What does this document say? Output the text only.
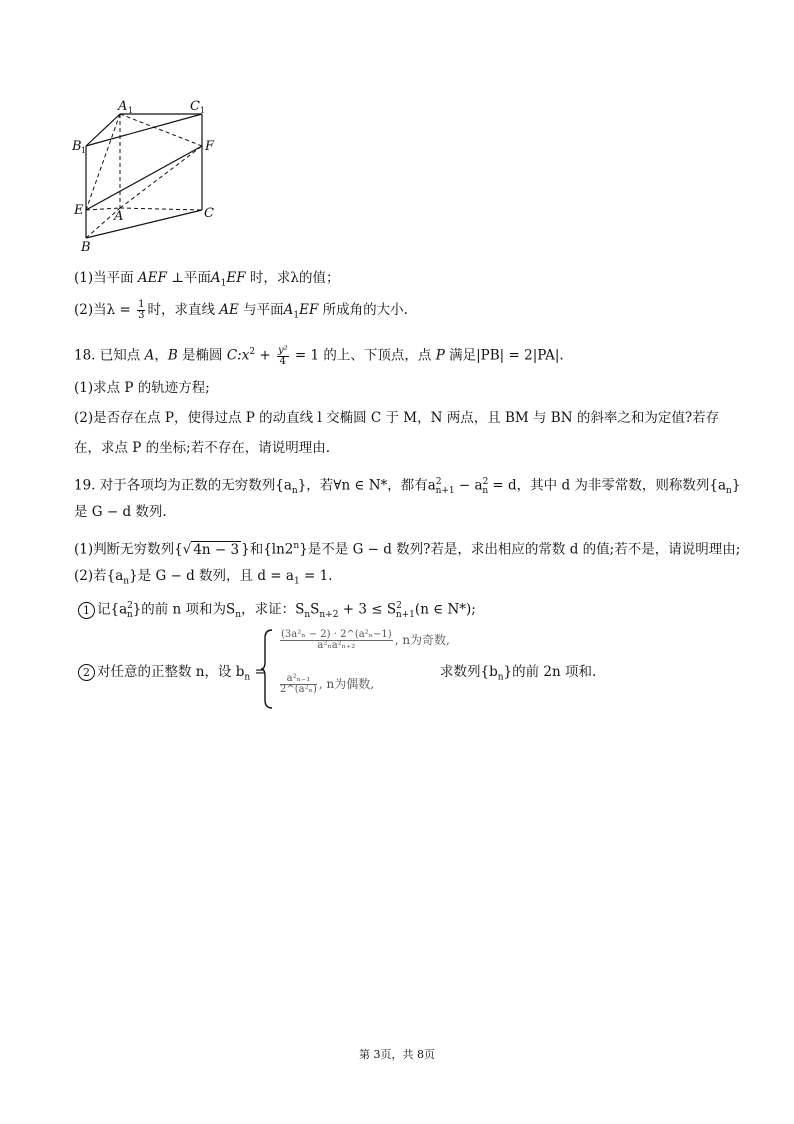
A 1	C 1
B 1	F
E A	C
B
(1)当平面 AEF ⊥平面$A_1EF$ 时，求λ的值；
(2)当$\lambda = \frac{1}{3}$ 时，求直线 AE 与平面$A_1EF$ 所成角的大小.
18. 已知点 A，B 是椭圆 $C:x^2 + \frac{\text{y²}}{4} = 1$ 的上、下顶点，点 P 满足|PB| = 2|PA|.
(1)求点 P 的轨迹方程;
(2)是否存在点 P，使得过点 P 的动直线 l 交椭圆 C 于 M，N 两点，且 BM 与 BN 的斜率之和为定值?若存
在，求点 P 的坐标;若不存在，请说明理由.
19. 对于各项均为正数的无穷数列$\{a_n\}$，若∀n ∈ N*，都有$a^2_{n+1} - a^2_n = d$，其中 d 为非零常数，则称数列$\{a_n\}$
是 G − d 数列.
(1)判断无穷数列{√ 4n − 3 }和{ln2$^n$}是不是 G − d 数列?若是，求出相应的常数 d 的值;若不是，请说明理由;
(2)若$\{a_n\}$是 G − d 数列，且 $d = a_1 = 1$.
1 记$\{a^2_n\}$的前 n 项和为$S_n$，求证：$S_nS_{n+2} + 3 \le S^2_{n+1}(n$ ∈ N*);
2 对任意的正整数 n，设 $b_n$ =
$\frac{\text{(3a²ₙ − 2) · 2\textasciicircum{}(a²ₙ−1)}}{\text{a²ₙa²ₙ₊₂}}$ , n为奇数,
$\frac{\text{a²ₙ₋₁}}{\text{2\textasciicircum{}(a²ₙ)}}$ , n为偶数,
求数列$\{b_n\}$的前 2n 项和.
第 3页，共 8页
